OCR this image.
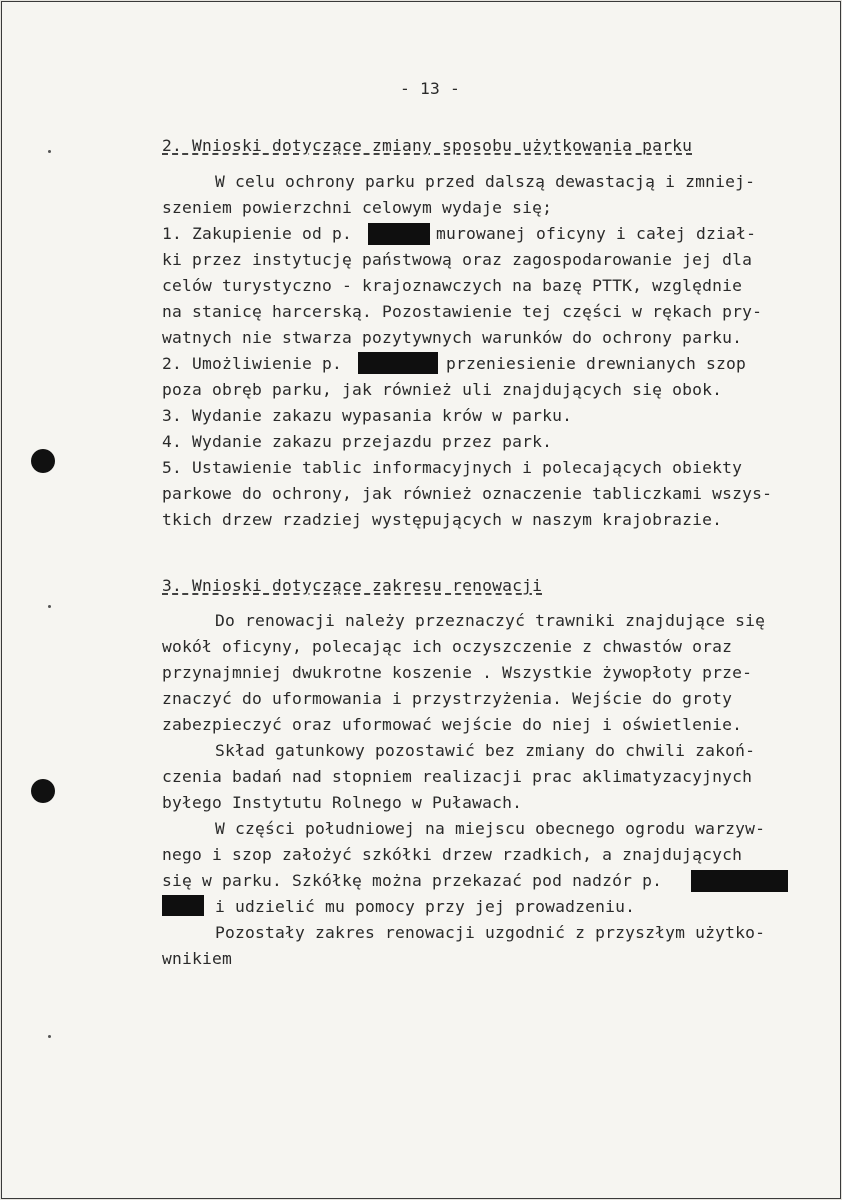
- 13 -
2. Wnioski dotyczące zmiany sposobu użytkowania parku
W celu ochrony parku przed dalszą dewastacją i zmniej-
szeniem powierzchni celowym wydaje się;
1. Zakupienie od p.	murowanej oficyny i całej dział-
ki przez instytucję państwową oraz zagospodarowanie jej dla
celów turystyczno - krajoznawczych na bazę PTTK, względnie
na stanicę harcerską. Pozostawienie tej części w rękach pry-
watnych nie stwarza pozytywnych warunków do ochrony parku.
2. Umożliwienie p.	przeniesienie drewnianych szop
poza obręb parku, jak również uli znajdujących się obok.
3. Wydanie zakazu wypasania krów w parku.
4. Wydanie zakazu przejazdu przez park.
5. Ustawienie tablic informacyjnych i polecających obiekty
parkowe do ochrony, jak również oznaczenie tabliczkami wszys-
tkich drzew rzadziej występujących w naszym krajobrazie.
3. Wnioski dotyczące zakresu renowacji
Do renowacji należy przeznaczyć trawniki znajdujące się
wokół oficyny, polecając ich oczyszczenie z chwastów oraz
przynajmniej dwukrotne koszenie . Wszystkie żywopłoty prze-
znaczyć do uformowania i przystrzyżenia. Wejście do groty
zabezpieczyć oraz uformować wejście do niej i oświetlenie.
Skład gatunkowy pozostawić bez zmiany do chwili zakoń-
czenia badań nad stopniem realizacji prac aklimatyzacyjnych
byłego Instytutu Rolnego w Puławach.
W części południowej na miejscu obecnego ogrodu warzyw-
nego i szop założyć szkółki drzew rzadkich, a znajdujących
się w parku. Szkółkę można przekazać pod nadzór p.
i udzielić mu pomocy przy jej prowadzeniu.
Pozostały zakres renowacji uzgodnić z przyszłym użytko-
wnikiem
